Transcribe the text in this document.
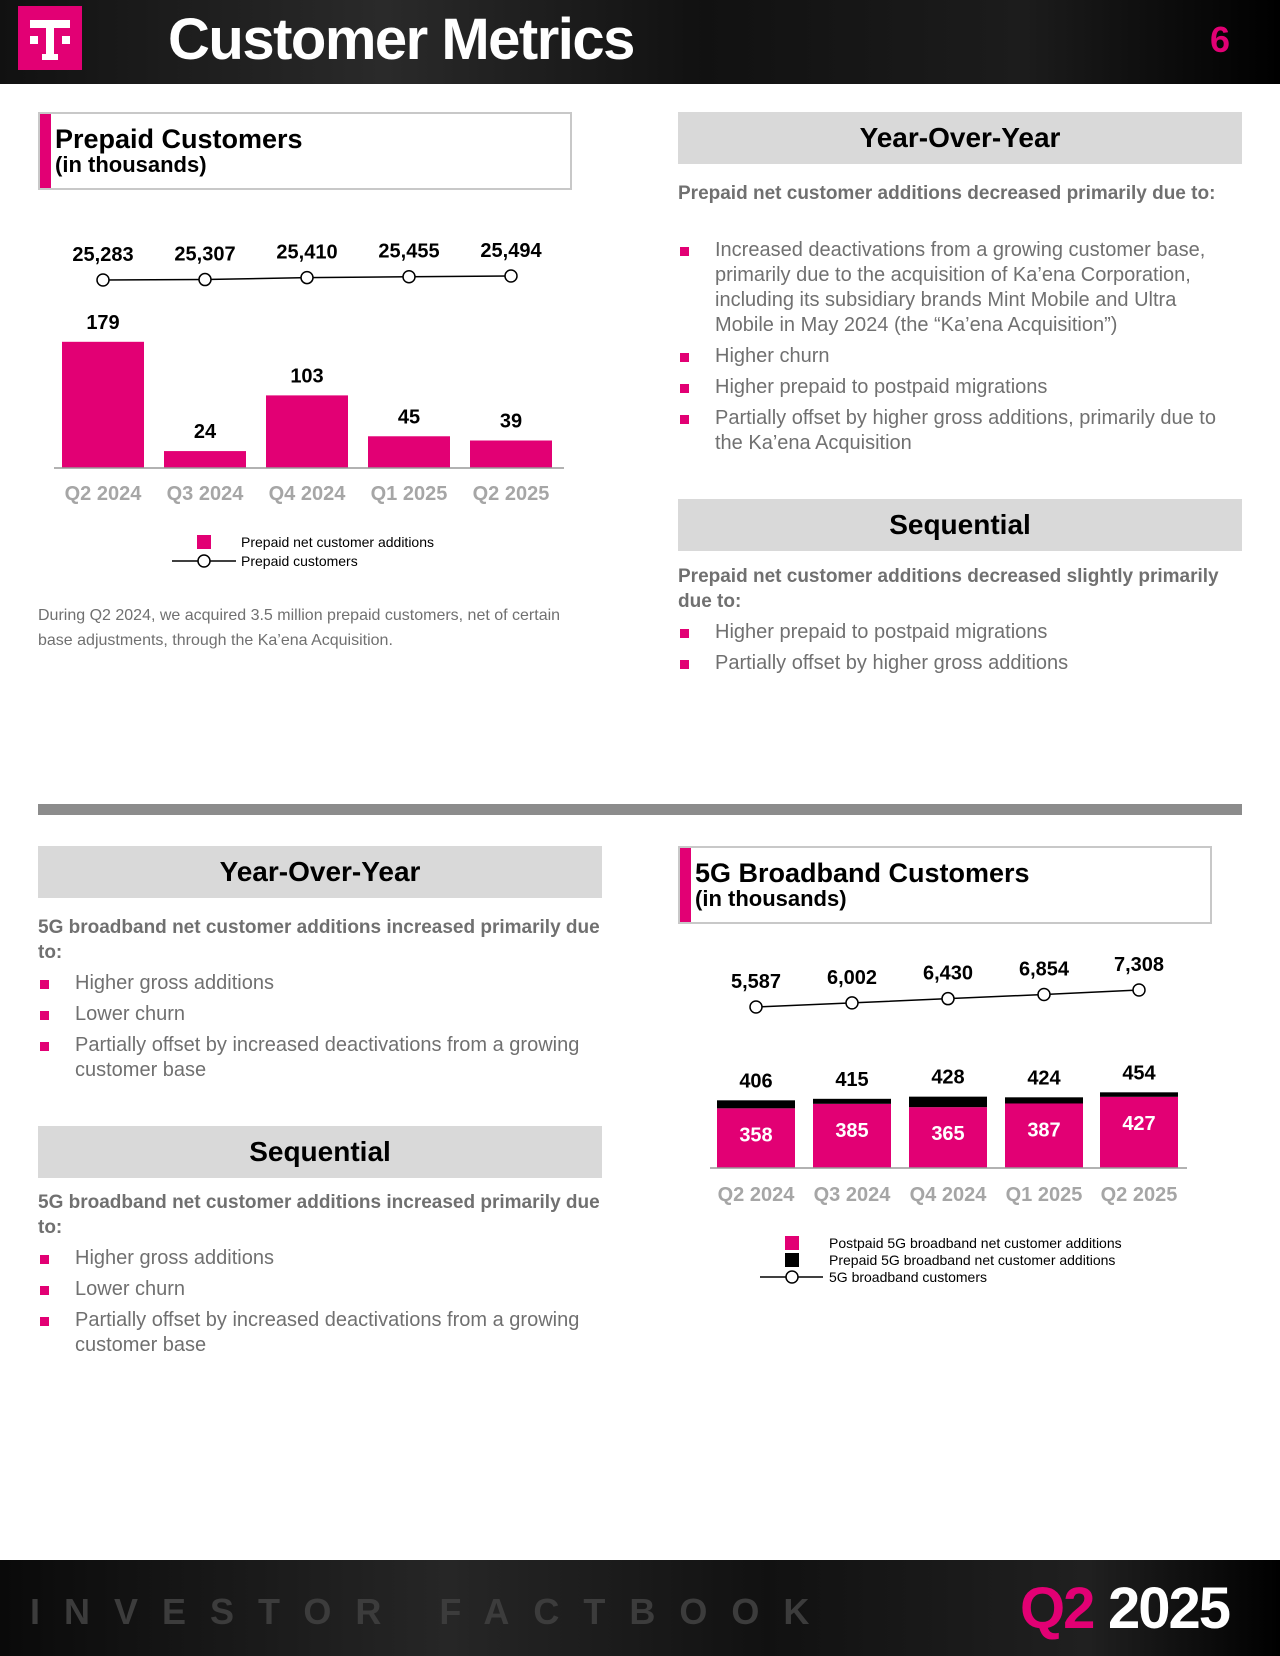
Customer Metrics	6
Prepaid Customers
(in thousands)
179
Q2 2024
24
Q3 2024
103
Q4 2024
45
Q1 2025
39
Q2 2025
25,283 25,307 25,410 25,455 25,494
Prepaid net customer additions
Prepaid customers
During Q2 2024, we acquired 3.5 million prepaid customers, net of certain base adjustments, through the Ka’ena Acquisition.
Year-Over-Year
Prepaid net customer additions decreased primarily due to:
Increased deactivations from a growing customer base, primarily due to the acquisition of Ka’ena Corporation, including its subsidiary brands Mint Mobile and Ultra Mobile in May 2024 (the “Ka’ena Acquisition”)
Higher churn
Higher prepaid to postpaid migrations
Partially offset by higher gross additions, primarily due to the Ka’ena Acquisition
Sequential
Prepaid net customer additions decreased slightly primarily due to:
Higher prepaid to postpaid migrations
Partially offset by higher gross additions
Year-Over-Year
5G broadband net customer additions increased primarily due to:
Higher gross additions
Lower churn
Partially offset by increased deactivations from a growing customer base
Sequential
5G broadband net customer additions increased primarily due to:
Higher gross additions
Lower churn
Partially offset by increased deactivations from a growing customer base
5G Broadband Customers
(in thousands)
358
406
Q2 2024
385
415
Q3 2024
365
428
Q4 2024
387
424
Q1 2025
427
454
Q2 2025
5,587 6,002 6,430 6,854 7,308
Postpaid 5G broadband net customer additions
Prepaid 5G broadband net customer additions
5G broadband customers
INVESTOR FACTBOOK	Q2 2025
